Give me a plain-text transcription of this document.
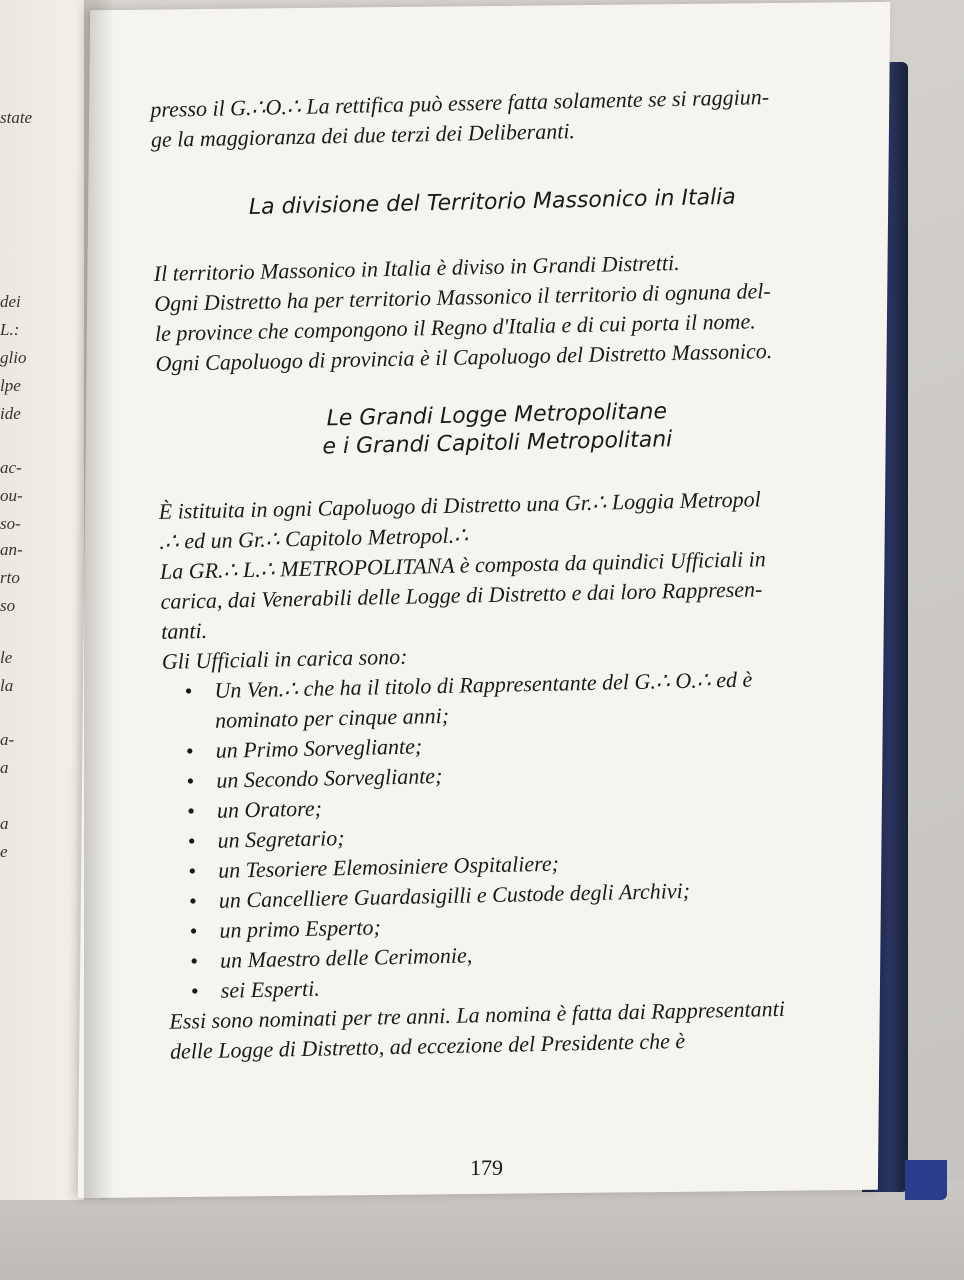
state
dei
L.:
glio
lpe
ide
ac-
ou-
so-
an-
rto
so
le
la
a-
a
a
e

presso il G.∴O.∴ La rettifica può essere fatta solamente se si raggiun-

ge la maggioranza dei due terzi dei Deliberanti.

La divisione del Territorio Massonico in Italia

Il territorio Massonico in Italia è diviso in Grandi Distretti.

Ogni Distretto ha per territorio Massonico il territorio di ognuna del-

le province che compongono il Regno d'Italia e di cui porta il nome.

Ogni Capoluogo di provincia è il Capoluogo del Distretto Massonico.

Le Grandi Logge Metropolitane
e i Grandi Capitoli Metropolitani

È istituita in ogni Capoluogo di Distretto una Gr.∴ Loggia Metropol

.∴ ed un Gr.∴ Capitolo Metropol.∴

La GR.∴ L.∴ METROPOLITANA è composta da quindici Ufficiali in

carica, dai Venerabili delle Logge di Distretto e dai loro Rappresen-

tanti.

Gli Ufficiali in carica sono:

• Un Ven.∴ che ha il titolo di Rappresentante del G.∴ O.∴ ed è
nominato per cinque anni;
• un Primo Sorvegliante;
• un Secondo Sorvegliante;
• un Oratore;
• un Segretario;
• un Tesoriere Elemosiniere Ospitaliere;
• un Cancelliere Guardasigilli e Custode degli Archivi;
• un primo Esperto;
• un Maestro delle Cerimonie,
• sei Esperti.

Essi sono nominati per tre anni. La nomina è fatta dai Rappresentanti

delle Logge di Distretto, ad eccezione del Presidente che è

179
